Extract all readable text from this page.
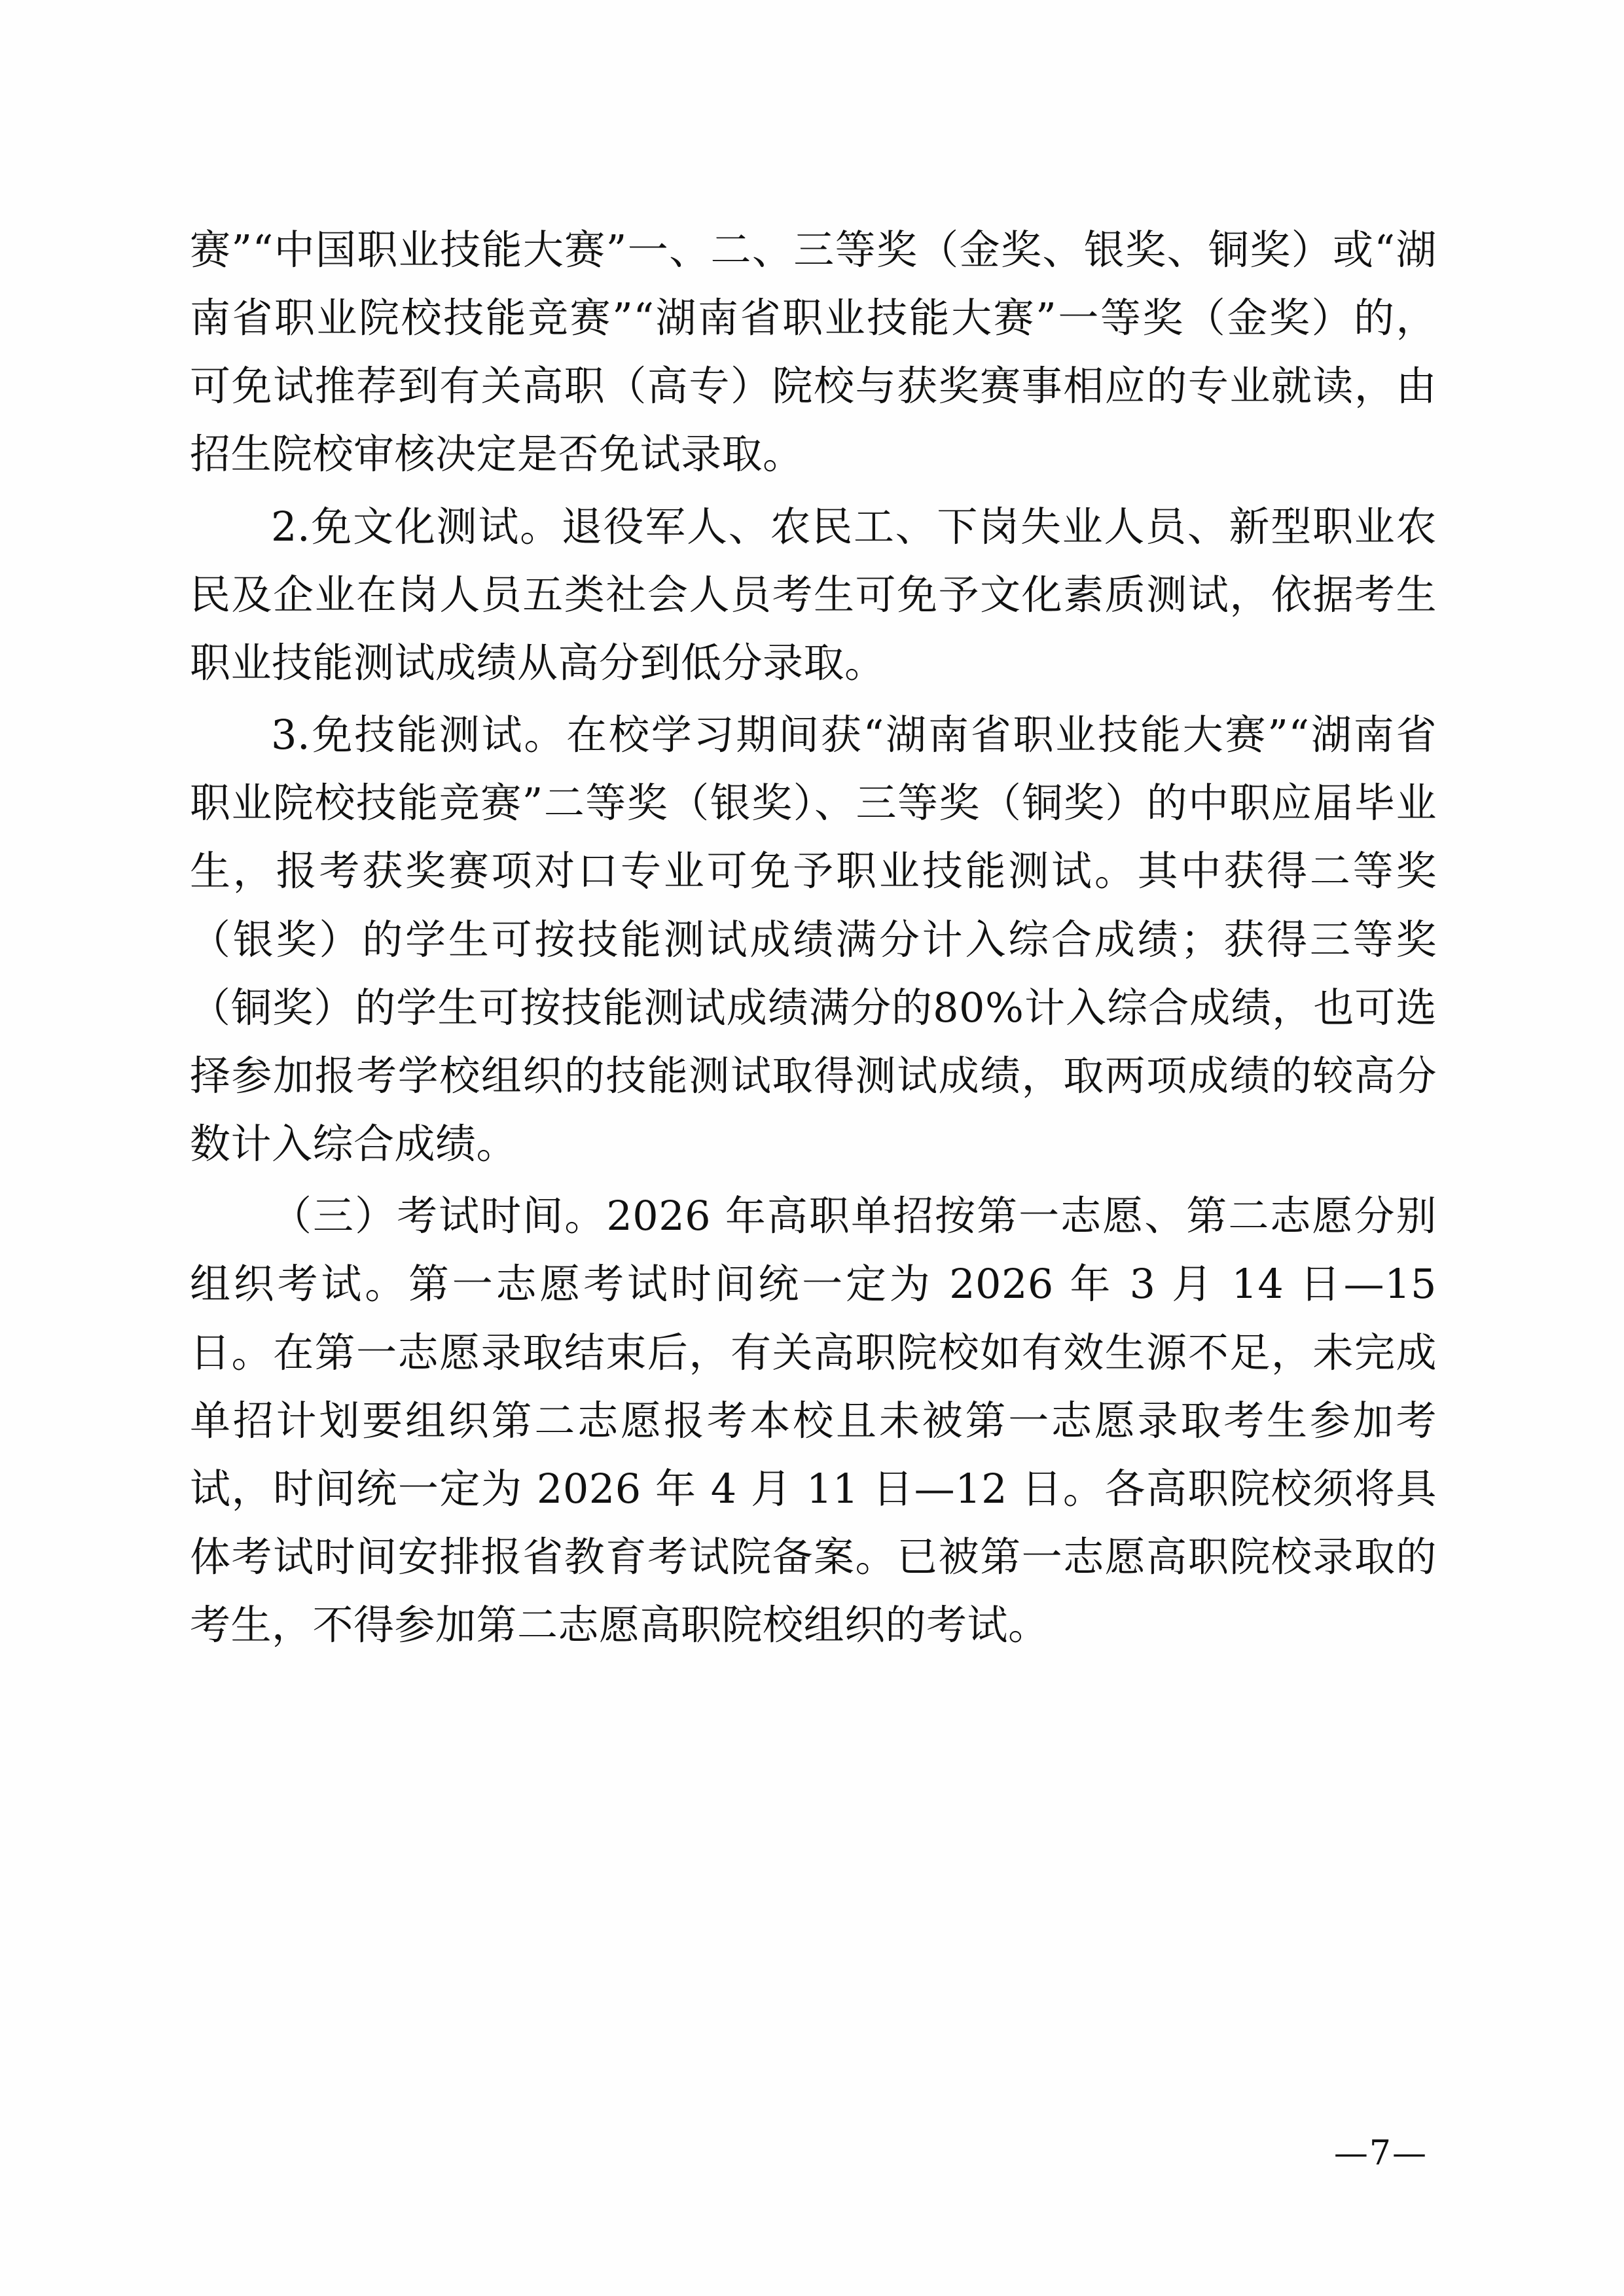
赛”“中国职业技能大赛”一、二、三等奖（金奖、银奖、铜奖）或“湖南省职业院校技能竞赛”“湖南省职业技能大赛”一等奖（金奖）的，可免试推荐到有关高职（高专）院校与获奖赛事相应的专业就读，由招生院校审核决定是否免试录取。

2.免文化测试。退役军人、农民工、下岗失业人员、新型职业农民及企业在岗人员五类社会人员考生可免予文化素质测试，依据考生职业技能测试成绩从高分到低分录取。

3.免技能测试。在校学习期间获“湖南省职业技能大赛”“湖南省职业院校技能竞赛”二等奖（银奖）、三等奖（铜奖）的中职应届毕业生，报考获奖赛项对口专业可免予职业技能测试。其中获得二等奖（银奖）的学生可按技能测试成绩满分计入综合成绩；获得三等奖（铜奖）的学生可按技能测试成绩满分的80%计入综合成绩，也可选择参加报考学校组织的技能测试取得测试成绩，取两项成绩的较高分数计入综合成绩。

（三）考试时间。2026 年高职单招按第一志愿、第二志愿分别组织考试。第一志愿考试时间统一定为 2026 年 3 月 14 日—15日。在第一志愿录取结束后，有关高职院校如有效生源不足，未完成单招计划要组织第二志愿报考本校且未被第一志愿录取考生参加考试，时间统一定为 2026 年 4 月 11 日—12 日。各高职院校须将具体考试时间安排报省教育考试院备案。已被第一志愿高职院校录取的考生，不得参加第二志愿高职院校组织的考试。

—7—
